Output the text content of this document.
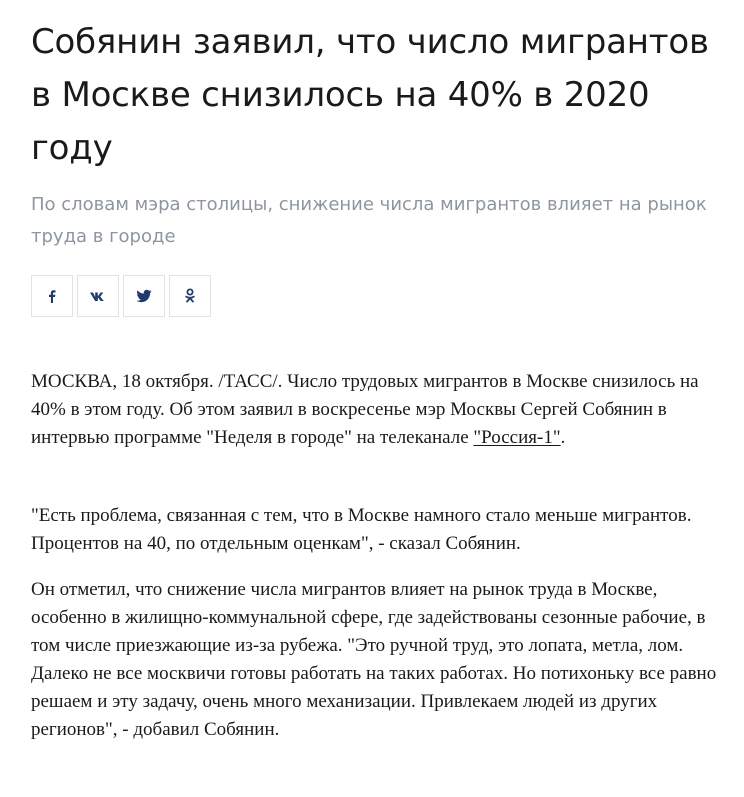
Собянин заявил, что число мигрантов в Москве снизилось на 40% в 2020 году

По словам мэра столицы, снижение числа мигрантов влияет на рынок труда в городе

МОСКВА, 18 октября. /ТАСС/. Число трудовых мигрантов в Москве снизилось на 40% в этом году. Об этом заявил в воскресенье мэр Москвы Сергей Собянин в интервью программе "Неделя в городе" на телеканале "Россия-1".

"Есть проблема, связанная с тем, что в Москве намного стало меньше мигрантов. Процентов на 40, по отдельным оценкам", - сказал Собянин.

Он отметил, что снижение числа мигрантов влияет на рынок труда в Москве, особенно в жилищно-коммунальной сфере, где задействованы сезонные рабочие, в том числе приезжающие из-за рубежа. "Это ручной труд, это лопата, метла, лом. Далеко не все москвичи готовы работать на таких работах. Но потихоньку все равно решаем и эту задачу, очень много механизации. Привлекаем людей из других регионов", - добавил Собянин.
